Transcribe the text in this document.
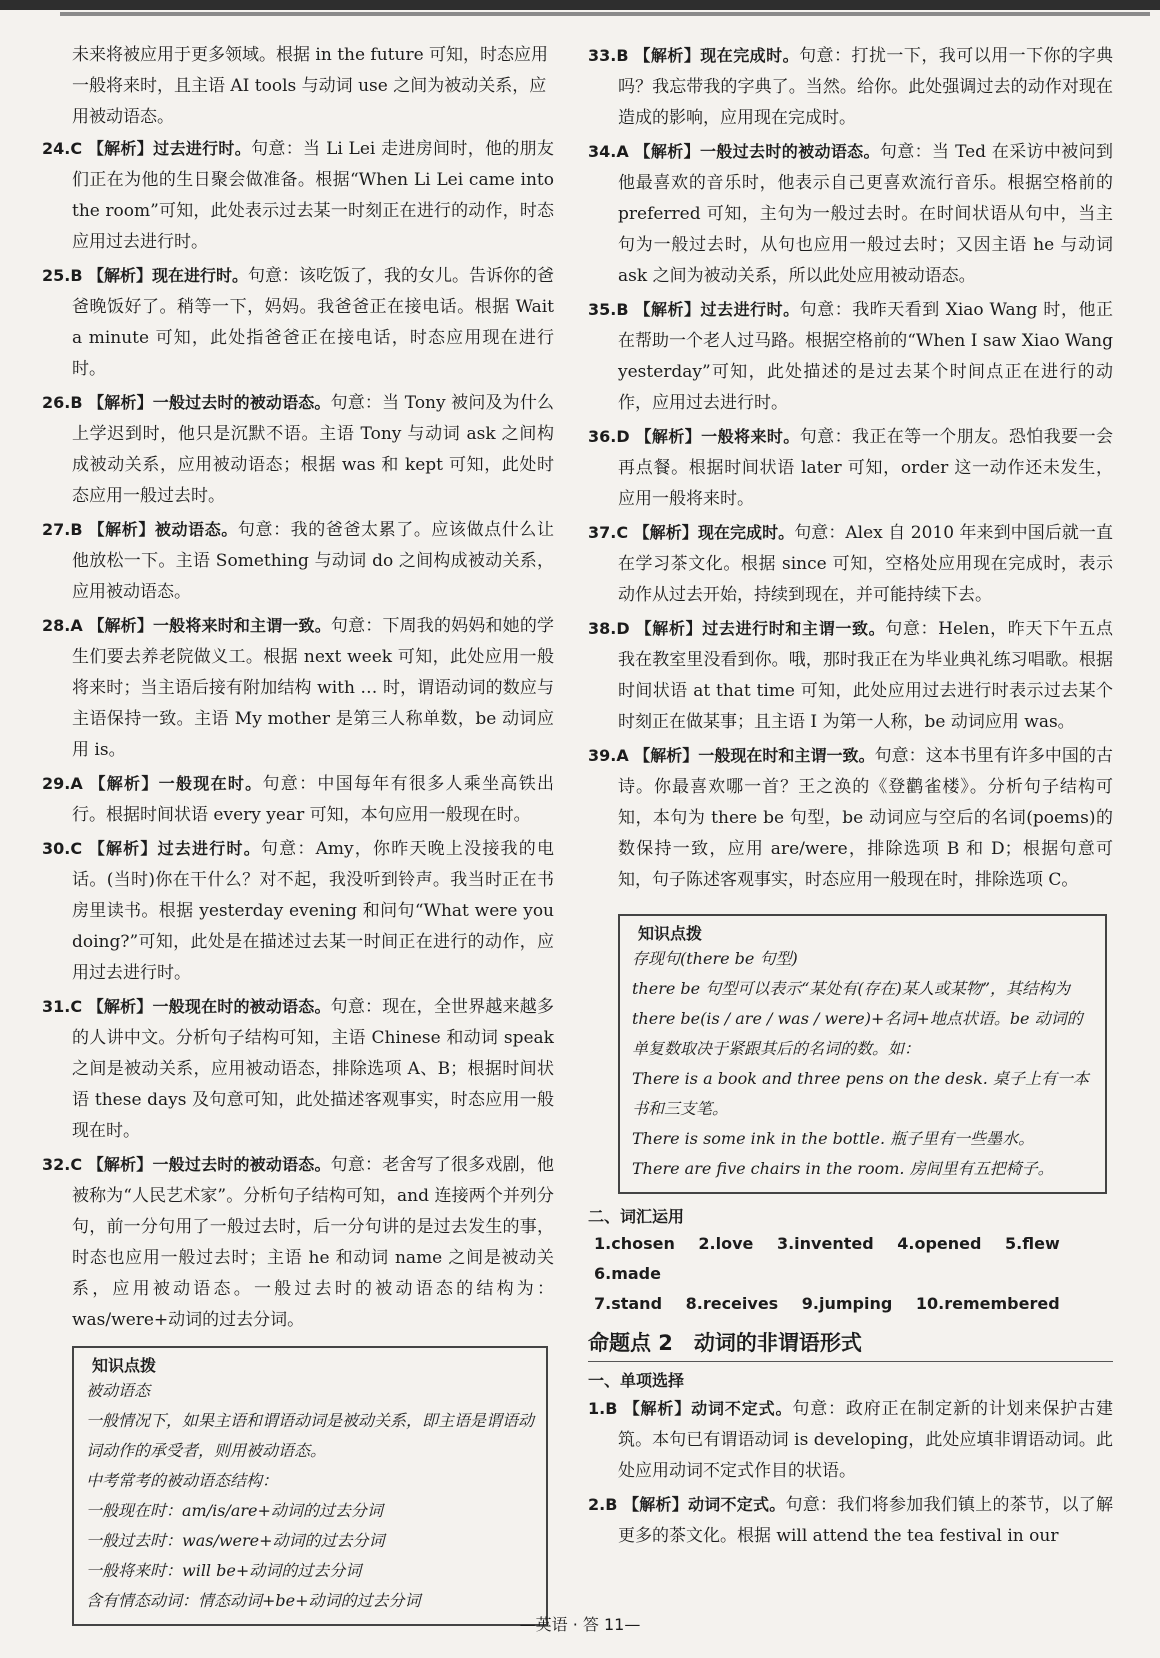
未来将被应用于更多领域。根据 in the future 可知，时态应用

一般将来时，且主语 AI tools 与动词 use 之间为被动关系，应

用被动语态。

24.C 【解析】过去进行时。句意：当 Li Lei 走进房间时，他的朋友们正在为他的生日聚会做准备。根据“When Li Lei came into the room”可知，此处表示过去某一时刻正在进行的动作，时态应用过去进行时。

25.B 【解析】现在进行时。句意：该吃饭了，我的女儿。告诉你的爸爸晚饭好了。稍等一下，妈妈。我爸爸正在接电话。根据 Wait a minute 可知，此处指爸爸正在接电话，时态应用现在进行时。

26.B 【解析】一般过去时的被动语态。句意：当 Tony 被问及为什么上学迟到时，他只是沉默不语。主语 Tony 与动词 ask 之间构成被动关系，应用被动语态；根据 was 和 kept 可知，此处时态应用一般过去时。

27.B 【解析】被动语态。句意：我的爸爸太累了。应该做点什么让他放松一下。主语 Something 与动词 do 之间构成被动关系，应用被动语态。

28.A 【解析】一般将来时和主谓一致。句意：下周我的妈妈和她的学生们要去养老院做义工。根据 next week 可知，此处应用一般将来时；当主语后接有附加结构 with … 时，谓语动词的数应与主语保持一致。主语 My mother 是第三人称单数，be 动词应用 is。

29.A 【解析】一般现在时。句意：中国每年有很多人乘坐高铁出行。根据时间状语 every year 可知，本句应用一般现在时。

30.C 【解析】过去进行时。句意：Amy，你昨天晚上没接我的电话。(当时)你在干什么？对不起，我没听到铃声。我当时正在书房里读书。根据 yesterday evening 和问句“What were you doing?”可知，此处是在描述过去某一时间正在进行的动作，应用过去进行时。

31.C 【解析】一般现在时的被动语态。句意：现在，全世界越来越多的人讲中文。分析句子结构可知，主语 Chinese 和动词 speak 之间是被动关系，应用被动语态，排除选项 A、B；根据时间状语 these days 及句意可知，此处描述客观事实，时态应用一般现在时。

32.C 【解析】一般过去时的被动语态。句意：老舍写了很多戏剧，他被称为“人民艺术家”。分析句子结构可知，and 连接两个并列分句，前一分句用了一般过去时，后一分句讲的是过去发生的事，时态也应用一般过去时；主语 he 和动词 name 之间是被动关系，应用被动语态。一般过去时的被动语态的结构为：was/were+动词的过去分词。

知识点拨

被动语态

一般情况下，如果主语和谓语动词是被动关系，即主语是谓语动词动作的承受者，则用被动语态。

中考常考的被动语态结构：

一般现在时：am/is/are+动词的过去分词

一般过去时：was/were+动词的过去分词

一般将来时：will be+动词的过去分词

含有情态动词：情态动词+be+动词的过去分词

33.B 【解析】现在完成时。句意：打扰一下，我可以用一下你的字典吗？我忘带我的字典了。当然。给你。此处强调过去的动作对现在造成的影响，应用现在完成时。

34.A 【解析】一般过去时的被动语态。句意：当 Ted 在采访中被问到他最喜欢的音乐时，他表示自己更喜欢流行音乐。根据空格前的 preferred 可知，主句为一般过去时。在时间状语从句中，当主句为一般过去时，从句也应用一般过去时；又因主语 he 与动词 ask 之间为被动关系，所以此处应用被动语态。

35.B 【解析】过去进行时。句意：我昨天看到 Xiao Wang 时，他正在帮助一个老人过马路。根据空格前的“When I saw Xiao Wang yesterday”可知，此处描述的是过去某个时间点正在进行的动作，应用过去进行时。

36.D 【解析】一般将来时。句意：我正在等一个朋友。恐怕我要一会再点餐。根据时间状语 later 可知，order 这一动作还未发生，应用一般将来时。

37.C 【解析】现在完成时。句意：Alex 自 2010 年来到中国后就一直在学习茶文化。根据 since 可知，空格处应用现在完成时，表示动作从过去开始，持续到现在，并可能持续下去。

38.D 【解析】过去进行时和主谓一致。句意：Helen，昨天下午五点我在教室里没看到你。哦，那时我正在为毕业典礼练习唱歌。根据时间状语 at that time 可知，此处应用过去进行时表示过去某个时刻正在做某事；且主语 I 为第一人称，be 动词应用 was。

39.A 【解析】一般现在时和主谓一致。句意：这本书里有许多中国的古诗。你最喜欢哪一首？王之涣的《登鹳雀楼》。分析句子结构可知，本句为 there be 句型，be 动词应与空后的名词(poems)的数保持一致，应用 are/were，排除选项 B 和 D；根据句意可知，句子陈述客观事实，时态应用一般现在时，排除选项 C。

知识点拨

存现句(there be 句型)

there be 句型可以表示“某处有(存在)某人或某物”，其结构为 there be(is / are / was / were)+名词+地点状语。be 动词的单复数取决于紧跟其后的名词的数。如：

There is a book and three pens on the desk. 桌子上有一本书和三支笔。

There is some ink in the bottle. 瓶子里有一些墨水。

There are five chairs in the room. 房间里有五把椅子。

二、词汇运用
1.chosen 2.love 3.invented 4.opened 5.flew 6.made
7.stand 8.receives 9.jumping 10.remembered
命题点 2　动词的非谓语形式
一、单项选择

1.B 【解析】动词不定式。句意：政府正在制定新的计划来保护古建筑。本句已有谓语动词 is developing，此处应填非谓语动词。此处应用动词不定式作目的状语。

2.B 【解析】动词不定式。句意：我们将参加我们镇上的茶节，以了解更多的茶文化。根据 will attend the tea festival in our

—英语 · 答 11—
